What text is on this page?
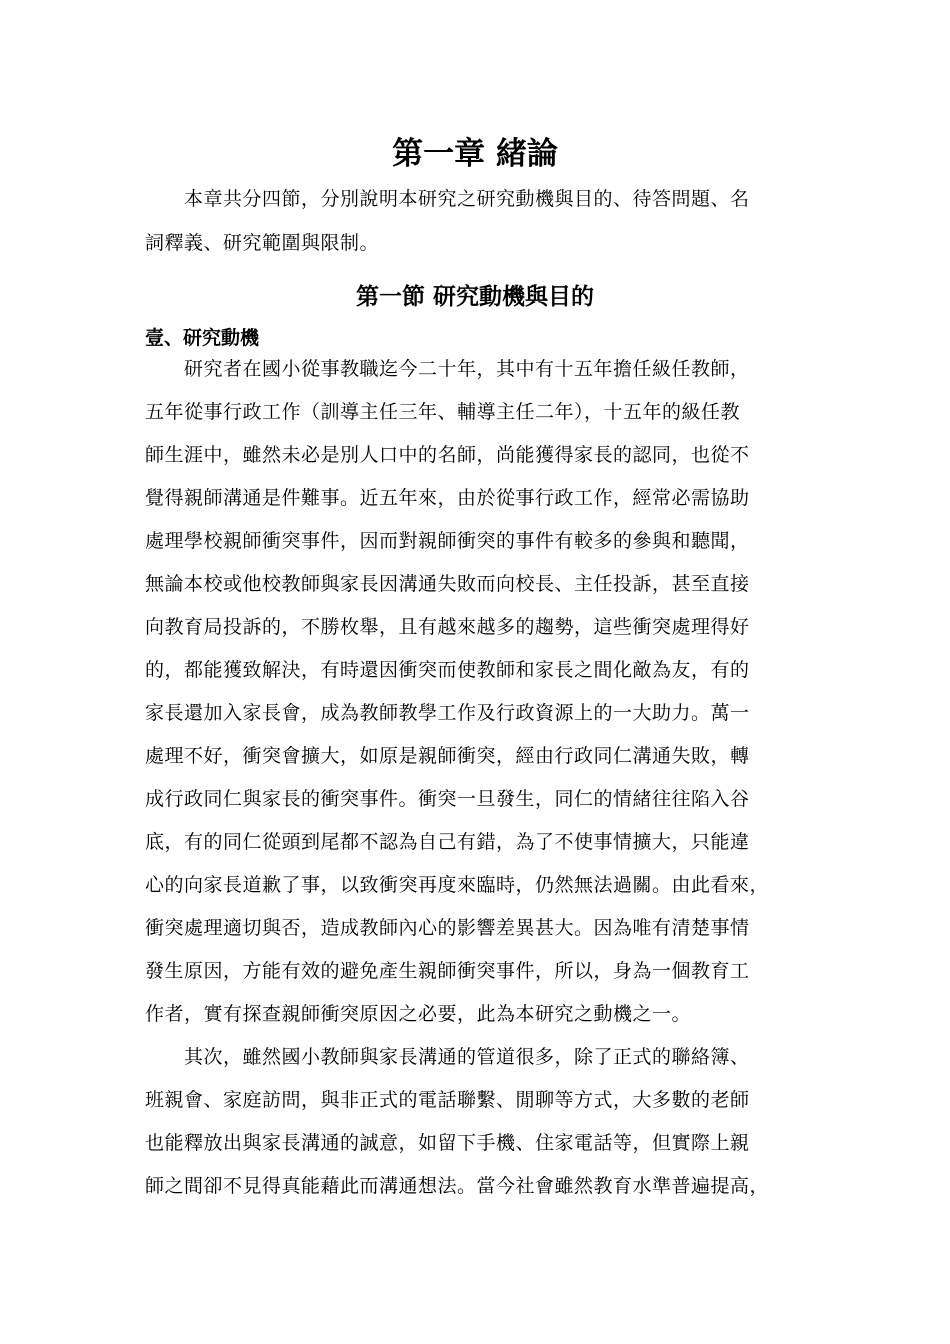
第一章 緒論

本章共分四節，分別說明本研究之研究動機與目的、待答問題、名

詞釋義、研究範圍與限制。

第一節 研究動機與目的
壹、研究動機

研究者在國小從事教職迄今二十年，其中有十五年擔任級任教師，

五年從事行政工作（訓導主任三年、輔導主任二年），十五年的級任教

師生涯中，雖然未必是別人口中的名師，尚能獲得家長的認同，也從不

覺得親師溝通是件難事。近五年來，由於從事行政工作，經常必需協助

處理學校親師衝突事件，因而對親師衝突的事件有較多的參與和聽聞，

無論本校或他校教師與家長因溝通失敗而向校長、主任投訴，甚至直接

向教育局投訴的，不勝枚舉，且有越來越多的趨勢，這些衝突處理得好

的，都能獲致解決，有時還因衝突而使教師和家長之間化敵為友，有的

家長還加入家長會，成為教師教學工作及行政資源上的一大助力。萬一

處理不好，衝突會擴大，如原是親師衝突，經由行政同仁溝通失敗，轉

成行政同仁與家長的衝突事件。衝突一旦發生，同仁的情緒往往陷入谷

底，有的同仁從頭到尾都不認為自己有錯，為了不使事情擴大，只能違

心的向家長道歉了事，以致衝突再度來臨時，仍然無法過關。由此看來，

衝突處理適切與否，造成教師內心的影響差異甚大。因為唯有清楚事情

發生原因，方能有效的避免產生親師衝突事件，所以，身為一個教育工

作者，實有探查親師衝突原因之必要，此為本研究之動機之一。

其次，雖然國小教師與家長溝通的管道很多，除了正式的聯絡簿、

班親會、家庭訪問，與非正式的電話聯繫、閒聊等方式，大多數的老師

也能釋放出與家長溝通的誠意，如留下手機、住家電話等，但實際上親

師之間卻不見得真能藉此而溝通想法。當今社會雖然教育水準普遍提高，
